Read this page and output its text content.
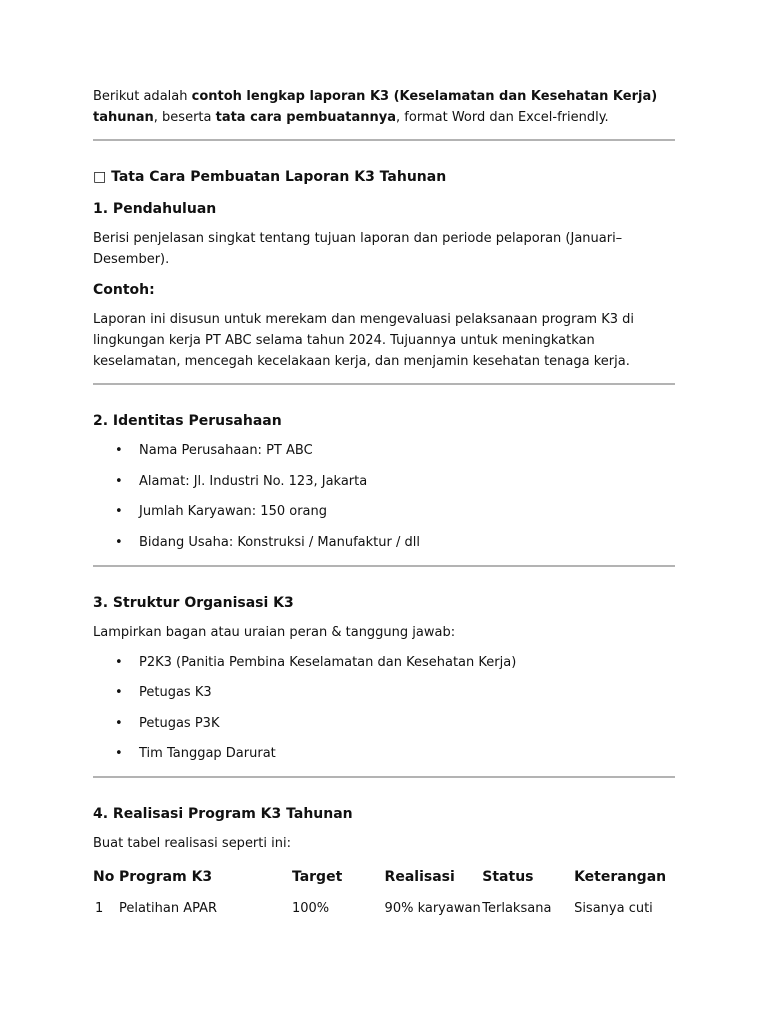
Berikut adalah contoh lengkap laporan K3 (Keselamatan dan Kesehatan Kerja) tahunan, beserta tata cara pembuatannya, format Word dan Excel-friendly.

□ Tata Cara Pembuatan Laporan K3 Tahunan
1. Pendahuluan

Berisi penjelasan singkat tentang tujuan laporan dan periode pelaporan (Januari–Desember).

Contoh:

Laporan ini disusun untuk merekam dan mengevaluasi pelaksanaan program K3 di lingkungan kerja PT ABC selama tahun 2024. Tujuannya untuk meningkatkan keselamatan, mencegah kecelakaan kerja, dan menjamin kesehatan tenaga kerja.

2. Identitas Perusahaan
• Nama Perusahaan: PT ABC
• Alamat: Jl. Industri No. 123, Jakarta
• Jumlah Karyawan: 150 orang
• Bidang Usaha: Konstruksi / Manufaktur / dll
3. Struktur Organisasi K3

Lampirkan bagan atau uraian peran & tanggung jawab:

• P2K3 (Panitia Pembina Keselamatan dan Kesehatan Kerja)
• Petugas K3
• Petugas P3K
• Tim Tanggap Darurat
4. Realisasi Program K3 Tahunan

Buat tabel realisasi seperti ini:

No	Program K3	Target	Realisasi	Status	Keterangan
1	Pelatihan APAR	100%	90% karyawan	Terlaksana	Sisanya cuti
